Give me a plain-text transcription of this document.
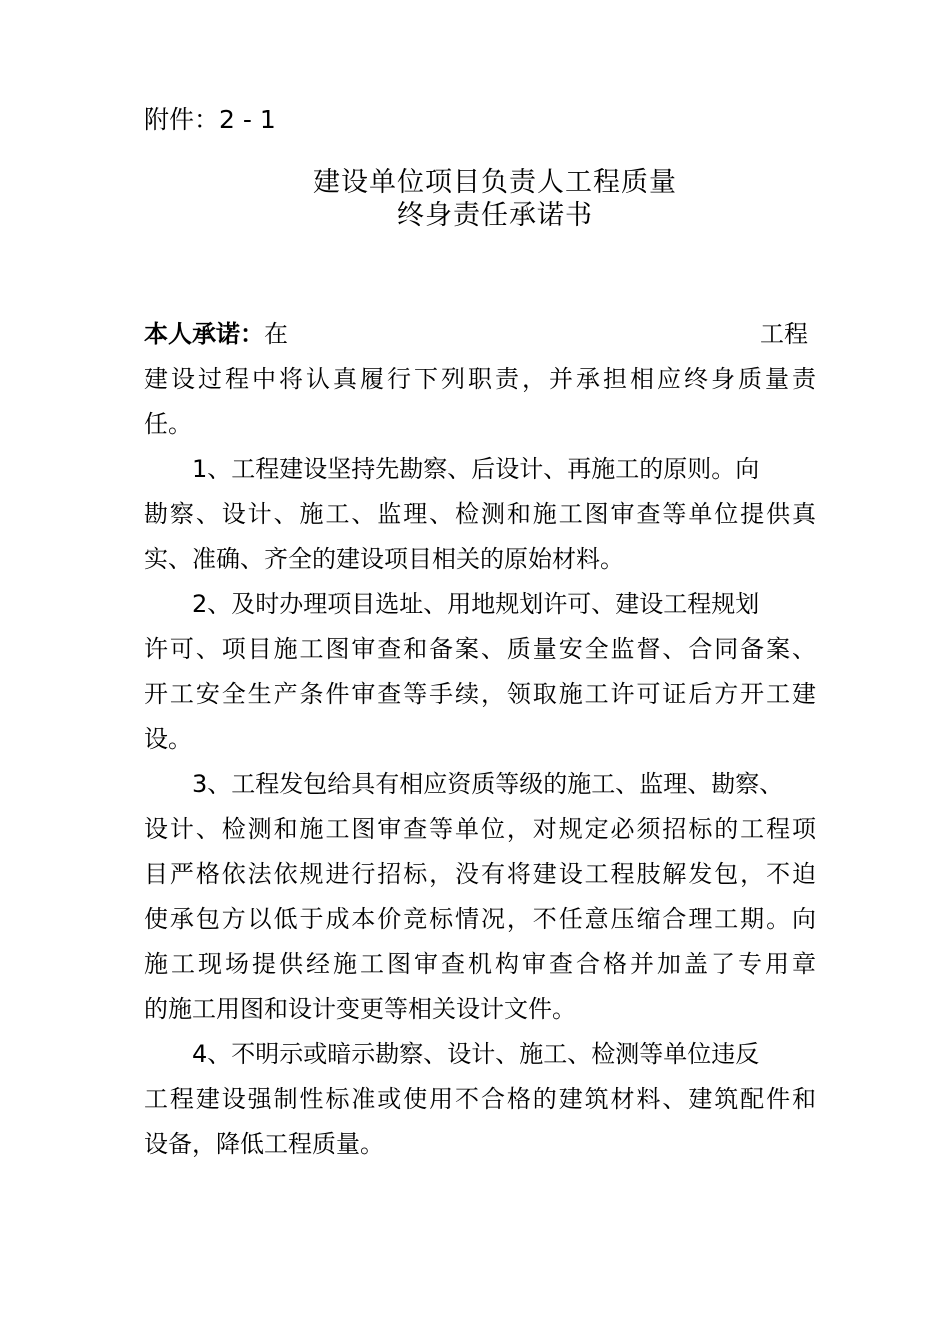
附件：2 - 1
建设单位项目负责人工程质量
终身责任承诺书
本人承诺：在	工程
建设过程中将认真履行下列职责，并承担相应终身质量责
任。
1、工程建设坚持先勘察、后设计、再施工的原则。向
勘察、设计、施工、监理、检测和施工图审查等单位提供真
实、准确、齐全的建设项目相关的原始材料。
2、及时办理项目选址、用地规划许可、建设工程规划
许可、项目施工图审查和备案、质量安全监督、合同备案、
开工安全生产条件审查等手续，领取施工许可证后方开工建
设。
3、工程发包给具有相应资质等级的施工、监理、勘察、
设计、检测和施工图审查等单位，对规定必须招标的工程项
目严格依法依规进行招标，没有将建设工程肢解发包，不迫
使承包方以低于成本价竞标情况，不任意压缩合理工期。向
施工现场提供经施工图审查机构审查合格并加盖了专用章
的施工用图和设计变更等相关设计文件。
4、不明示或暗示勘察、设计、施工、检测等单位违反
工程建设强制性标准或使用不合格的建筑材料、建筑配件和
设备，降低工程质量。
